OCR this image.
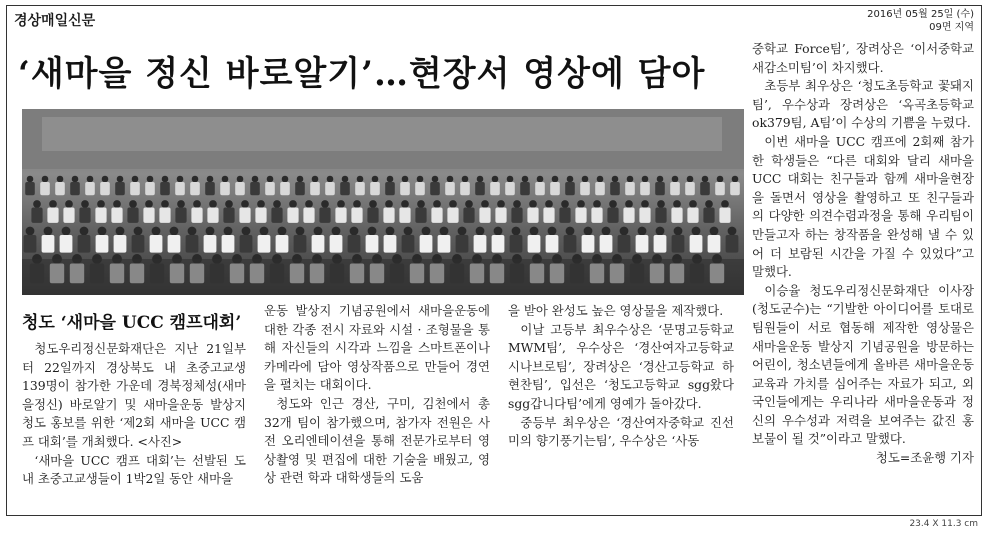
경상매일신문	2016년 05월 25일 (수)
09면 지역
‘새마을 정신 바로알기’…현장서 영상에 담아
청도 ‘새마을 UCC 캠프대회’

청도우리정신문화재단은 지난 21일부터 22일까지 경상북도 내 초중고교생 139명이 참가한 가운데 경북정체성(새마을정신) 바로알기 및 새마을운동 발상지 청도 홍보를 위한 ‘제2회 새마을 UCC 캠프 대회’를 개최했다. <사진>

‘새마을 UCC 캠프 대회’는 선발된 도내 초중고교생들이 1박2일 동안 새마을

운동 발상지 기념공원에서 새마을운동에 대한 각종 전시 자료와 시설 · 조형물을 통해 자신들의 시각과 느낌을 스마트폰이나 카메라에 담아 영상작품으로 만들어 경연을 펼치는 대회이다.

청도와 인근 경산, 구미, 김천에서 총 32개 팀이 참가했으며, 참가자 전원은 사전 오리엔테이션을 통해 전문가로부터 영상촬영 및 편집에 대한 기술을 배웠고, 영상 관련 학과 대학생들의 도움

을 받아 완성도 높은 영상물을 제작했다.

이날 고등부 최우수상은 ‘문명고등학교 MWM팀’, 우수상은 ‘경산여자고등학교 시나브로팀’, 장려상은 ‘경산고등학교 하현찬팀’, 입선은 ‘청도고등학교 sgg왔다 sgg갑니다팀’에게 영예가 돌아갔다.

중등부 최우상은 ‘경산여자중학교 진선미의 향기풍기는팀’, 우수상은 ‘사동

중학교 Force팀’, 장려상은 ‘이서중학교 새감소미팀’이 차지했다.

초등부 최우상은 ‘청도초등학교 꽃돼지팀’, 우수상과 장려상은 ‘옥곡초등학교 ok379팀, A팀’이 수상의 기쁨을 누렸다.

이번 새마을 UCC 캠프에 2회째 참가한 학생들은 “다른 대회와 달리 새마을 UCC 대회는 친구들과 함께 새마을현장을 돌면서 영상을 촬영하고 또 친구들과의 다양한 의견수렴과정을 통해 우리팀이 만들고자 하는 창작품을 완성해 낼 수 있어 더 보람된 시간을 가질 수 있었다”고 말했다.

이승율 청도우리정신문화재단 이사장(청도군수)는 “기발한 아이디어를 토대로 팀원들이 서로 협동해 제작한 영상물은 새마을운동 발상지 기념공원을 방문하는 어린이, 청소년들에게 올바른 새마을운동 교육과 가치를 심어주는 자료가 되고, 외국인들에게는 우리나라 새마을운동과 정신의 우수성과 저력을 보여주는 값진 홍보물이 될 것”이라고 말했다.

청도=조윤행 기자
23.4 X 11.3 cm
